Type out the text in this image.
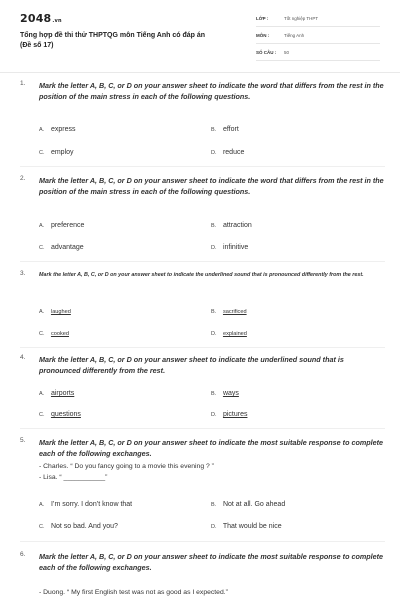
2048.vn
Tổng hợp đề thi thử THPTQG môn Tiếng Anh có đáp án
(Đề số 17)
LỚP :	Tốt nghiệp THPT
MÔN :	Tiếng Anh
SỐ CÂU : 50
1. Mark the letter A, B, C, or D on your answer sheet to indicate the word that differs from the rest in the position of the main stress in each of the following questions.
A. express	B. effort
C. employ	D. reduce
2. Mark the letter A, B, C, or D on your answer sheet to indicate the word that differs from the rest in the position of the main stress in each of the following questions.
A. preference	B. attraction
C. advantage	D. infinitive
3.	Mark the letter A, B, C, or D on your answer sheet to indicate the underlined sound that is pronounced differently from the rest.
A. laughed	B. sacrificed
C. cooked	D. explained
4. Mark the letter A, B, C, or D on your answer sheet to indicate the underlined sound that is pronounced differently from the rest.
A. airports	B. ways
C. questions	D. pictures
5. Mark the letter A, B, C, or D on your answer sheet to indicate the most suitable response to complete each of the following exchanges.
- Charles. “ Do you fancy going to a movie this evening ? ”
- Lisa. “ ___________”
A. I’m sorry. I don’t know that	B. Not at all. Go ahead
C. Not so bad. And you?	D. That would be nice
6. Mark the letter A, B, C, or D on your answer sheet to indicate the most suitable response to complete each of the following exchanges.
- Duong. “ My first English test was not as good as I expected.”
